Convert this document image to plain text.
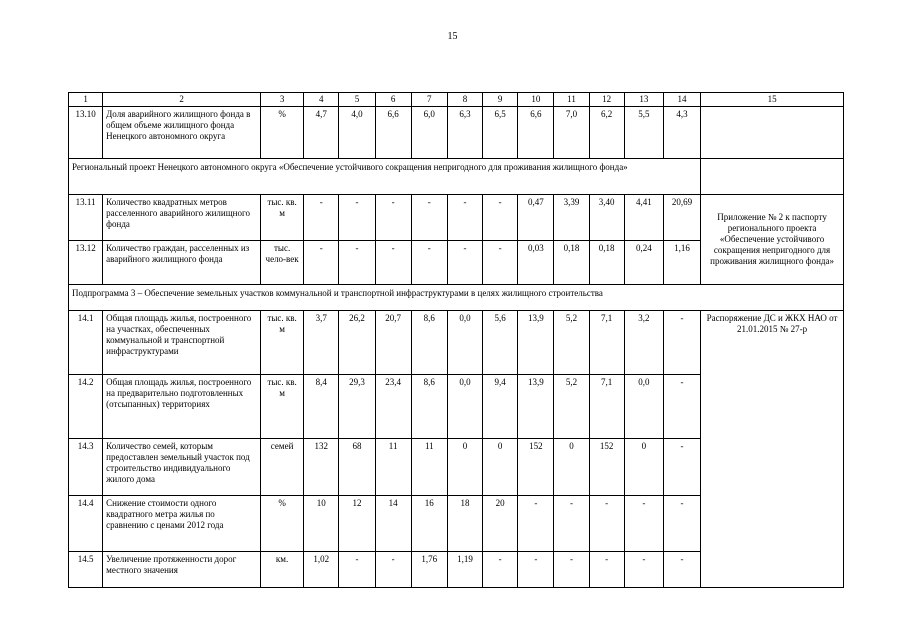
15
1	2	3	4	5	6	7	8	9	10	11	12	13	14	15
13.10	Доля аварийного жилищного фонда в общем объеме жилищного фонда Ненецкого автономного округа	%	4,7	4,0	6,6	6,0	6,3	6,5	6,6	7,0	6,2	5,5	4,3	
Региональный проект Ненецкого автономного округа «Обеспечение устойчивого сокращения непригодного для проживания жилищного фонда»														
13.11	Количество квадратных метров расселенного аварийного жилищного фонда	тыс. кв. м	-	-	-	-	-	-	0,47	3,39	3,40	4,41	20,69	Приложение № 2 к паспорту регионального проекта «Обеспечение устойчивого сокращения непригодного для проживания жилищного фонда»
13.12	Количество граждан, расселенных из аварийного жилищного фонда	тыс. чело-век	-	-	-	-	-	-	0,03	0,18	0,18	0,24	1,16	
Подпрограмма 3 – Обеспечение земельных участков коммунальной и транспортной инфраструктурами в целях жилищного строительства														
14.1	Общая площадь жилья, построенного на участках, обеспеченных коммунальной и транспортной инфраструктурами	тыс. кв. м	3,7	26,2	20,7	8,6	0,0	5,6	13,9	5,2	7,1	3,2	-	Распоряжение ДС и ЖКХ НАО от 21.01.2015 № 27-р
14.2	Общая площадь жилья, построенного на предварительно подготовленных (отсыпанных) территориях	тыс. кв. м	8,4	29,3	23,4	8,6	0,0	9,4	13,9	5,2	7,1	0,0	-	
14.3	Количество семей, которым предоставлен земельный участок под строительство индивидуального жилого дома	семей	132	68	11	11	0	0	152	0	152	0	-	
14.4	Снижение стоимости одного квадратного метра жилья по сравнению с ценами 2012 года	%	10	12	14	16	18	20	-	-	-	-	-	
14.5	Увеличение протяженности дорог местного значения	км.	1,02	-	-	1,76	1,19	-	-	-	-	-	-	
